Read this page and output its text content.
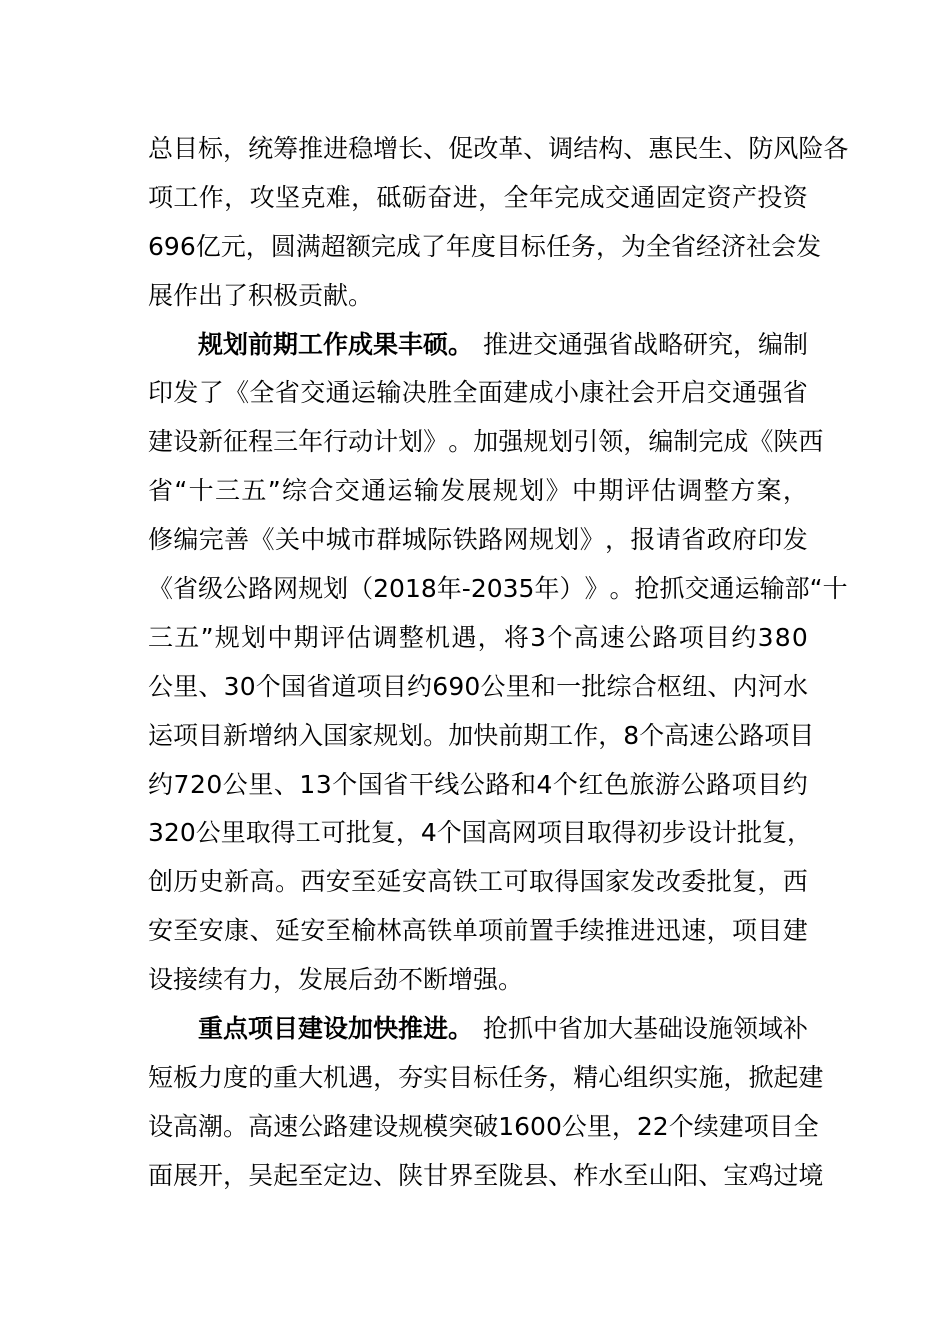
总 目 标 ， 统 筹 推 进 稳 增 长 、 促 改 革 、 调 结 构 、 惠 民 生 、 防 风 险 各
项 工 作 ， 攻 坚 克 难 ， 砥 砺 奋 进 ， 全 年 完 成 交 通 固 定 资 产 投 资
6 9 6 亿 元 ， 圆 满 超 额 完 成 了 年 度 目 标 任 务 ， 为 全 省 经 济 社 会 发
展作出了积极贡献。
规划前期工作成果丰硕。 推进交通强省战略研究，编制
印 发 了 《 全 省 交 通 运 输 决 胜 全 面 建 成 小 康 社 会 开 启 交 通 强 省
建 设 新 征 程 三 年 行 动 计 划 》 。 加 强 规 划 引 领 ， 编 制 完 成 《 陕 西
省 “ 十 三 五 ” 综 合 交 通 运 输 发 展 规 划 》 中 期 评 估 调 整 方 案 ，
修 编 完 善 《 关 中 城 市 群 城 际 铁 路 网 规 划 》 ， 报 请 省 政 府 印 发
《 省 级 公 路 网 规 划 （ 2 0 1 8 年 - 2 0 3 5 年 ） 》 。 抢 抓 交 通 运 输 部 “ 十
三 五 ” 规 划 中 期 评 估 调 整 机 遇 ， 将 3 个 高 速 公 路 项 目 约 3 8 0
公 里 、 3 0 个 国 省 道 项 目 约 6 9 0 公 里 和 一 批 综 合 枢 纽 、 内 河 水
运 项 目 新 增 纳 入 国 家 规 划 。 加 快 前 期 工 作 ， 8 个 高 速 公 路 项 目
约 7 2 0 公 里 、 1 3 个 国 省 干 线 公 路 和 4 个 红 色 旅 游 公 路 项 目 约
3 2 0 公 里 取 得 工 可 批 复 ， 4 个 国 高 网 项 目 取 得 初 步 设 计 批 复 ，
创 历 史 新 高 。 西 安 至 延 安 高 铁 工 可 取 得 国 家 发 改 委 批 复 ， 西
安 至 安 康 、 延 安 至 榆 林 高 铁 单 项 前 置 手 续 推 进 迅 速 ， 项 目 建
设接续有力，发展后劲不断增强。
重点项目建设加快推进。 抢抓中省加大基础设施领域补
短 板 力 度 的 重 大 机 遇 ， 夯 实 目 标 任 务 ， 精 心 组 织 实 施 ， 掀 起 建
设 高 潮 。 高 速 公 路 建 设 规 模 突 破 1 6 0 0 公 里 ， 2 2 个 续 建 项 目 全
面 展 开 ， 吴 起 至 定 边 、 陕 甘 界 至 陇 县 、 柞 水 至 山 阳 、 宝 鸡 过 境
